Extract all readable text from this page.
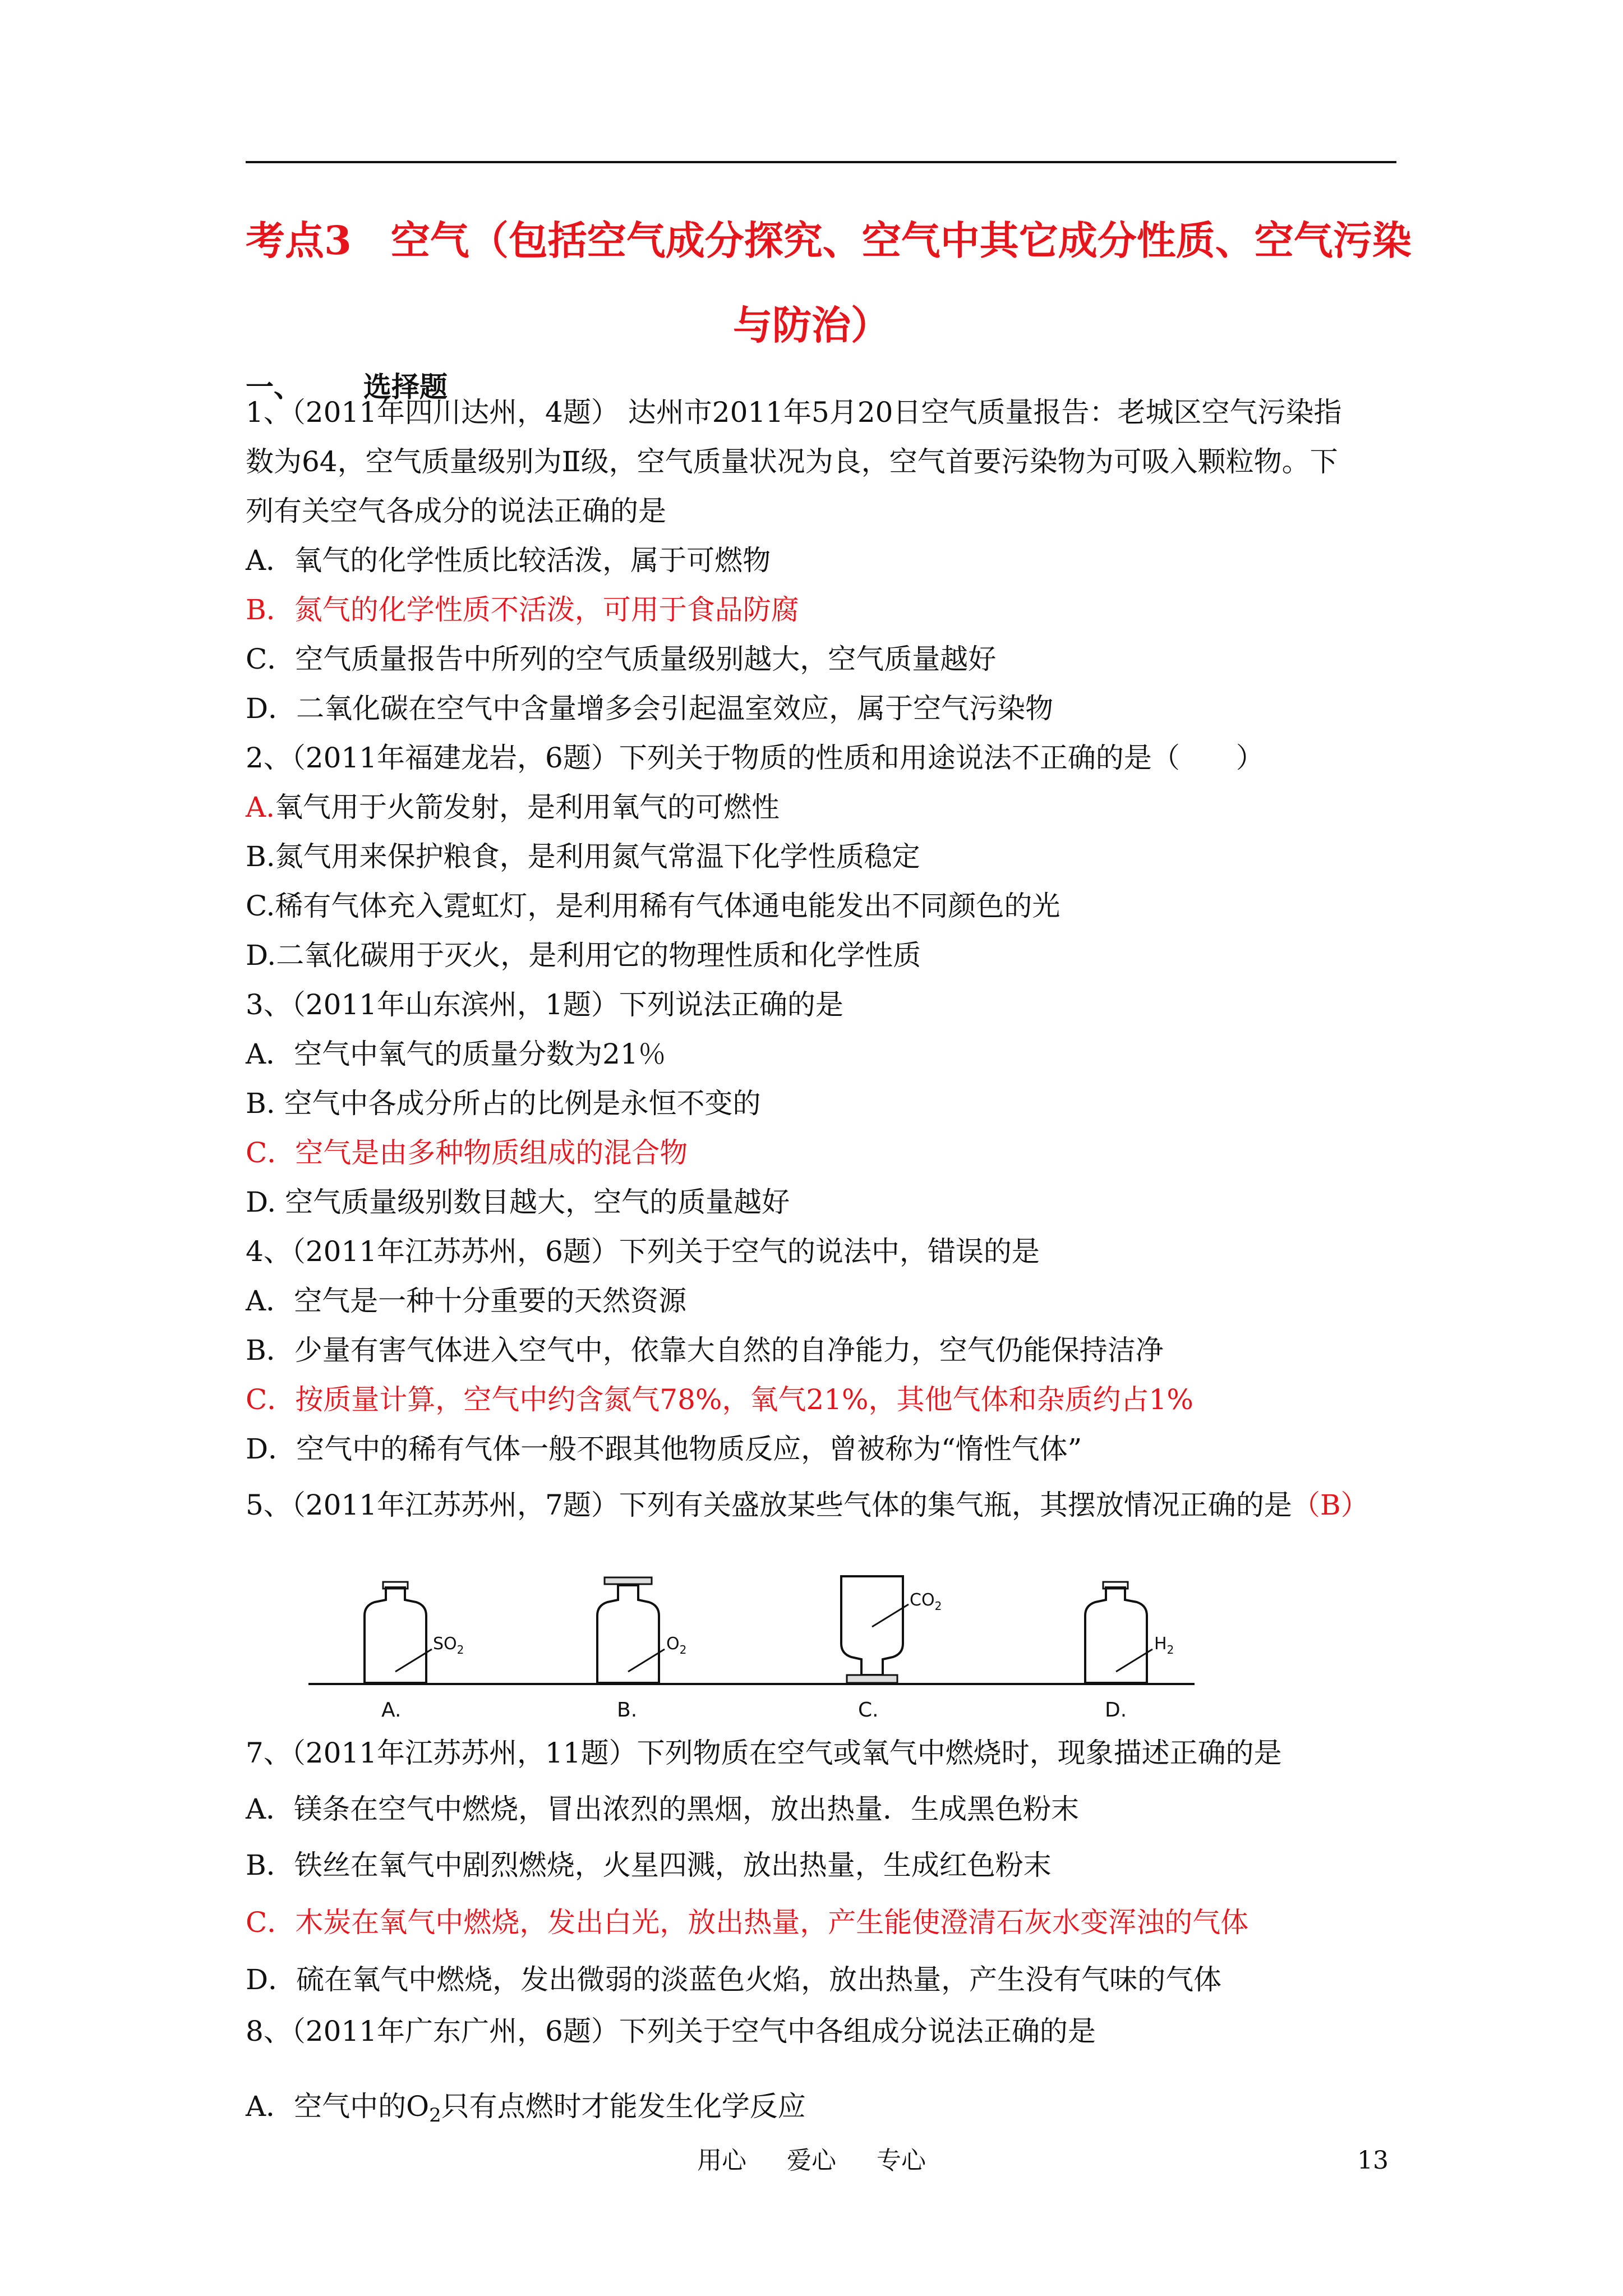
考点3　空气（包括空气成分探究、空气中其它成分性质、空气污染
与防治）
一、 选择题
1、（2011年四川达州，4题） 达州市2011年5月20日空气质量报告：老城区空气污染指
数为64，空气质量级别为Ⅱ级，空气质量状况为良，空气首要污染物为可吸入颗粒物。下
列有关空气各成分的说法正确的是
A．氧气的化学性质比较活泼，属于可燃物
B．氮气的化学性质不活泼，可用于食品防腐
C．空气质量报告中所列的空气质量级别越大，空气质量越好
D．二氧化碳在空气中含量增多会引起温室效应，属于空气污染物
2、（2011年福建龙岩，6题）下列关于物质的性质和用途说法不正确的是（　　）
A.氧气用于火箭发射，是利用氧气的可燃性
B.氮气用来保护粮食，是利用氮气常温下化学性质稳定
C.稀有气体充入霓虹灯，是利用稀有气体通电能发出不同颜色的光
D.二氧化碳用于灭火，是利用它的物理性质和化学性质
3、（2011年山东滨州，1题）下列说法正确的是
A．空气中氧气的质量分数为21％
B. 空气中各成分所占的比例是永恒不变的
C．空气是由多种物质组成的混合物
D. 空气质量级别数目越大，空气的质量越好
4、（2011年江苏苏州，6题）下列关于空气的说法中，错误的是
A．空气是一种十分重要的天然资源
B．少量有害气体进入空气中，依靠大自然的自净能力，空气仍能保持洁净
C．按质量计算，空气中约含氮气78%，氧气21%，其他气体和杂质约占1%
D．空气中的稀有气体一般不跟其他物质反应，曾被称为“惰性气体”
5、（2011年江苏苏州，7题）下列有关盛放某些气体的集气瓶，其摆放情况正确的是（B）
7、（2011年江苏苏州，11题）下列物质在空气或氧气中燃烧时，现象描述正确的是
A．镁条在空气中燃烧，冒出浓烈的黑烟，放出热量．生成黑色粉末
B．铁丝在氧气中剧烈燃烧，火星四溅，放出热量，生成红色粉末
C．木炭在氧气中燃烧，发出白光，放出热量，产生能使澄清石灰水变浑浊的气体
D．硫在氧气中燃烧，发出微弱的淡蓝色火焰，放出热量，产生没有气味的气体
8、（2011年广东广州，6题）下列关于空气中各组成分说法正确的是
$SO_2$
A.
$O_2$
B.
$CO_2$
C.
$H_2$
D.
A．空气中的$O_2$只有点燃时才能发生化学反应
用心 爱心 专心	13
